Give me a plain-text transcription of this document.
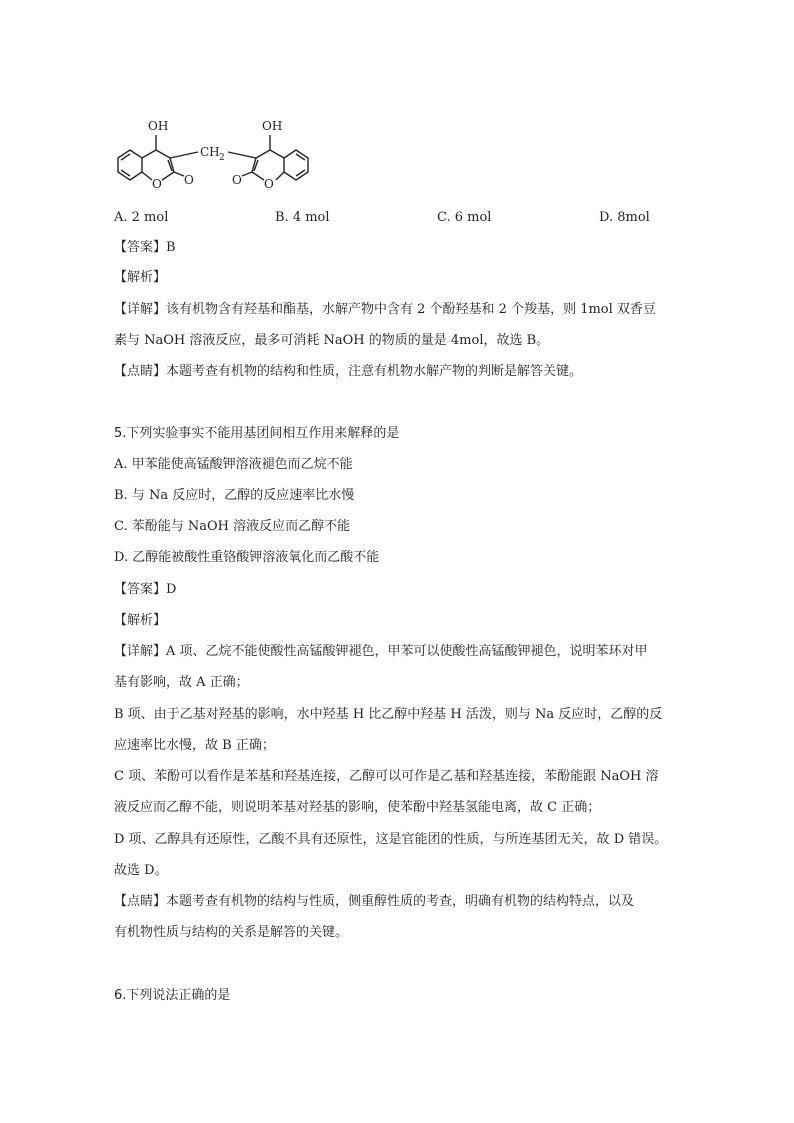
OH	OH
CH 2
O O	O O
A. 2 mol	B. 4 mol	C. 6 mol	D. 8mol
【答案】B
【解析】
【详解】该有机物含有羟基和酯基，水解产物中含有 2 个酚羟基和 2 个羧基，则 1mol 双香豆
素与 NaOH 溶液反应，最多可消耗 NaOH 的物质的量是 4mol，故选 B。
【点睛】本题考查有机物的结构和性质，注意有机物水解产物的判断是解答关键。
5.下列实验事实不能用基团间相互作用来解释的是
A. 甲苯能使高锰酸钾溶液褪色而乙烷不能
B. 与 Na 反应时，乙醇的反应速率比水慢
C. 苯酚能与 NaOH 溶液反应而乙醇不能
D. 乙醇能被酸性重铬酸钾溶液氧化而乙酸不能
【答案】D
【解析】
【详解】A 项、乙烷不能使酸性高锰酸钾褪色，甲苯可以使酸性高锰酸钾褪色，说明苯环对甲
基有影响，故 A 正确；
B 项、由于乙基对羟基的影响，水中羟基 H 比乙醇中羟基 H 活泼，则与 Na 反应时，乙醇的反
应速率比水慢，故 B 正确；
C 项、苯酚可以看作是苯基和羟基连接，乙醇可以可作是乙基和羟基连接，苯酚能跟 NaOH 溶
液反应而乙醇不能，则说明苯基对羟基的影响，使苯酚中羟基氢能电离，故 C 正确；
D 项、乙醇具有还原性，乙酸不具有还原性，这是官能团的性质，与所连基团无关，故 D 错误。
故选 D。
【点睛】本题考查有机物的结构与性质，侧重醇性质的考查，明确有机物的结构特点，以及
有机物性质与结构的关系是解答的关键。
6.下列说法正确的是
